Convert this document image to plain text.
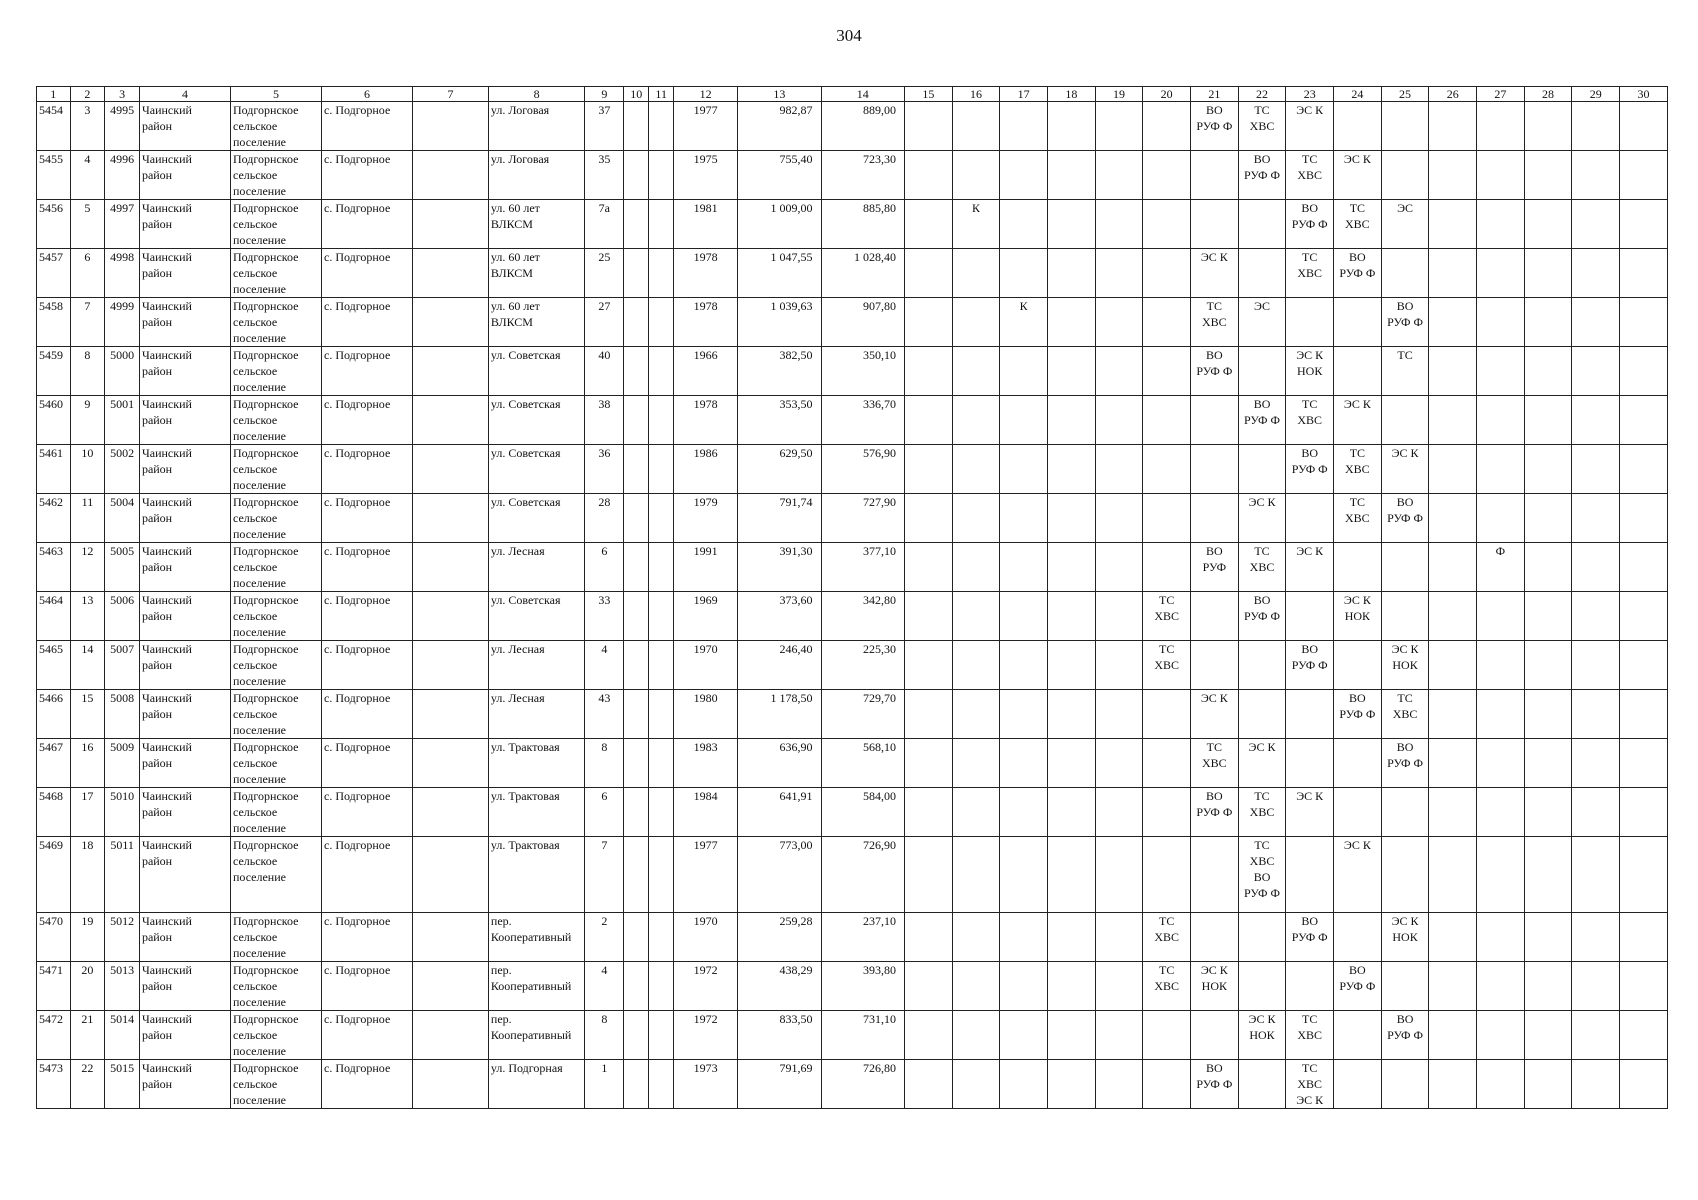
304
1	2	3	4	5	6	7	8	9	10	11	12	13	14	15	16	17	18	19	20	21	22	23	24	25	26	27	28	29	30
5454	3	4995	Чаинский
район	Подгорнское
сельское
поселение	с. Подгорное		ул. Логовая	37			1977	982,87	889,00							ВО
РУФ Ф	ТС
ХВС	ЭС К							
5455	4	4996	Чаинский
район	Подгорнское
сельское
поселение	с. Подгорное		ул. Логовая	35			1975	755,40	723,30								ВО
РУФ Ф	ТС
ХВС	ЭС К						
5456	5	4997	Чаинский
район	Подгорнское
сельское
поселение	с. Подгорное		ул. 60 лет
ВЛКСМ	7а			1981	1 009,00	885,80		К							ВО
РУФ Ф	ТС
ХВС	ЭС					
5457	6	4998	Чаинский
район	Подгорнское
сельское
поселение	с. Подгорное		ул. 60 лет
ВЛКСМ	25			1978	1 047,55	1 028,40							ЭС К		ТС
ХВС	ВО
РУФ Ф						
5458	7	4999	Чаинский
район	Подгорнское
сельское
поселение	с. Подгорное		ул. 60 лет
ВЛКСМ	27			1978	1 039,63	907,80			К				ТС
ХВС	ЭС			ВО
РУФ Ф					
5459	8	5000	Чаинский
район	Подгорнское
сельское
поселение	с. Подгорное		ул. Советская	40			1966	382,50	350,10							ВО
РУФ Ф		ЭС К
НОК		ТС					
5460	9	5001	Чаинский
район	Подгорнское
сельское
поселение	с. Подгорное		ул. Советская	38			1978	353,50	336,70								ВО
РУФ Ф	ТС
ХВС	ЭС К						
5461	10	5002	Чаинский
район	Подгорнское
сельское
поселение	с. Подгорное		ул. Советская	36			1986	629,50	576,90									ВО
РУФ Ф	ТС
ХВС	ЭС К					
5462	11	5004	Чаинский
район	Подгорнское
сельское
поселение	с. Подгорное		ул. Советская	28			1979	791,74	727,90								ЭС К		ТС
ХВС	ВО
РУФ Ф					
5463	12	5005	Чаинский
район	Подгорнское
сельское
поселение	с. Подгорное		ул. Лесная	6			1991	391,30	377,10							ВО
РУФ	ТС
ХВС	ЭС К				Ф			
5464	13	5006	Чаинский
район	Подгорнское
сельское
поселение	с. Подгорное		ул. Советская	33			1969	373,60	342,80						ТС
ХВС		ВО
РУФ Ф		ЭС К
НОК						
5465	14	5007	Чаинский
район	Подгорнское
сельское
поселение	с. Подгорное		ул. Лесная	4			1970	246,40	225,30						ТС
ХВС			ВО
РУФ Ф		ЭС К
НОК					
5466	15	5008	Чаинский
район	Подгорнское
сельское
поселение	с. Подгорное		ул. Лесная	43			1980	1 178,50	729,70							ЭС К			ВО
РУФ Ф	ТС
ХВС					
5467	16	5009	Чаинский
район	Подгорнское
сельское
поселение	с. Подгорное		ул. Трактовая	8			1983	636,90	568,10							ТС
ХВС	ЭС К			ВО
РУФ Ф					
5468	17	5010	Чаинский
район	Подгорнское
сельское
поселение	с. Подгорное		ул. Трактовая	6			1984	641,91	584,00							ВО
РУФ Ф	ТС
ХВС	ЭС К							
5469	18	5011	Чаинский
район	Подгорнское
сельское
поселение	с. Подгорное		ул. Трактовая	7			1977	773,00	726,90								ТС
ХВС
ВО
РУФ Ф		ЭС К						
5470	19	5012	Чаинский
район	Подгорнское
сельское
поселение	с. Подгорное		пер.
Кооперативный	2			1970	259,28	237,10						ТС
ХВС			ВО
РУФ Ф		ЭС К
НОК					
5471	20	5013	Чаинский
район	Подгорнское
сельское
поселение	с. Подгорное		пер.
Кооперативный	4			1972	438,29	393,80						ТС
ХВС	ЭС К
НОК			ВО
РУФ Ф						
5472	21	5014	Чаинский
район	Подгорнское
сельское
поселение	с. Подгорное		пер.
Кооперативный	8			1972	833,50	731,10								ЭС К
НОК	ТС
ХВС		ВО
РУФ Ф					
5473	22	5015	Чаинский
район	Подгорнское
сельское
поселение	с. Подгорное		ул. Подгорная	1			1973	791,69	726,80							ВО
РУФ Ф		ТС
ХВС
ЭС К							
